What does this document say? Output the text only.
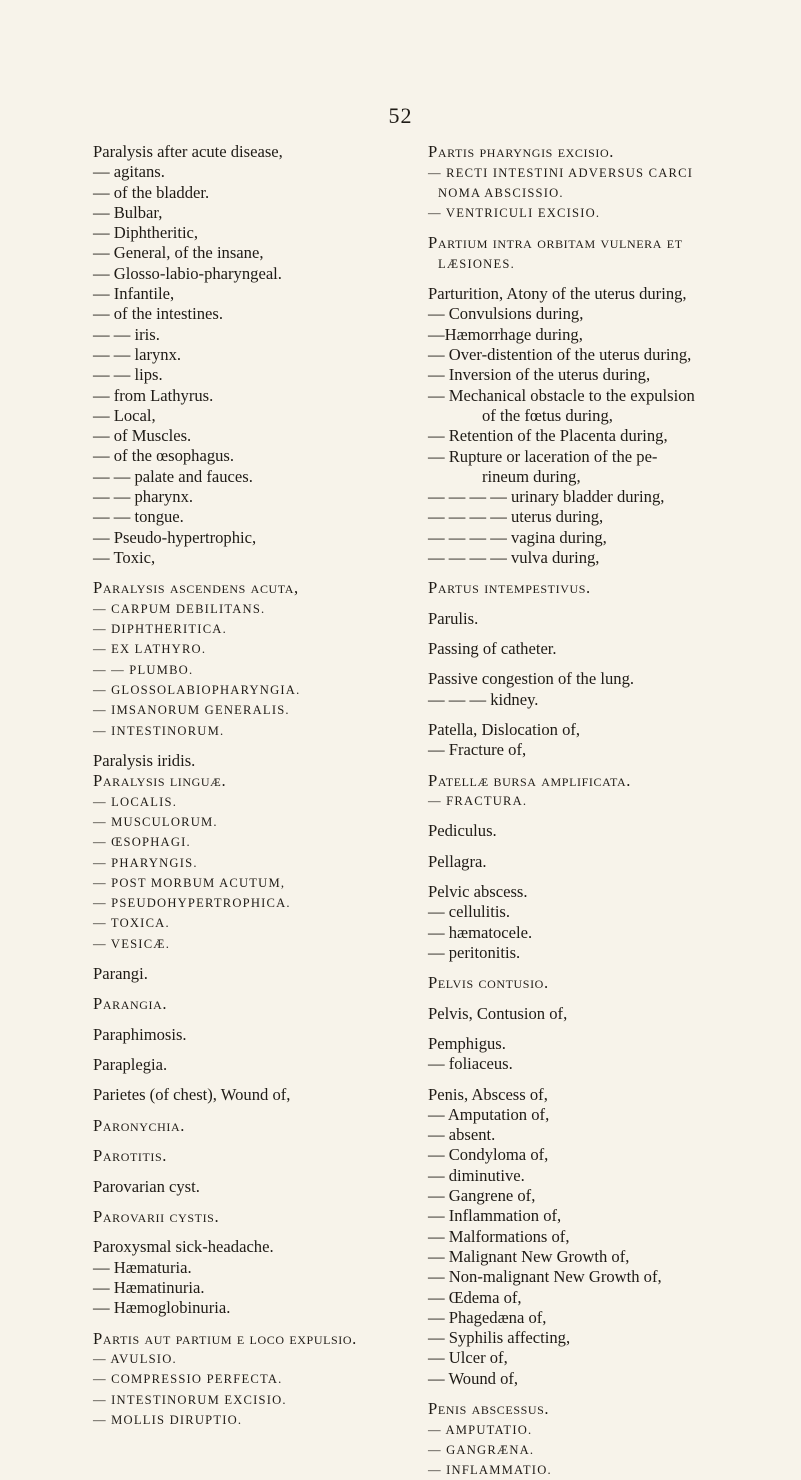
52
Paralysis after acute disease,
— agitans.
— of the bladder.
— Bulbar,
— Diphtheritic,
— General, of the insane,
— Glosso-labio-pharyngeal.
— Infantile,
— of the intestines.
— — iris.
— — larynx.
— — lips.
— from Lathyrus.
— Local,
— of Muscles.
— of the œsophagus.
— — palate and fauces.
— — pharynx.
— — tongue.
— Pseudo-hypertrophic,
— Toxic,
Paralysis ascendens acuta,
— CARPUM DEBILITANS.
— DIPHTHERITICA.
— EX LATHYRO.
— — PLUMBO.
— GLOSSOLABIOPHARYNGIA.
— IMSANORUM GENERALIS.
— INTESTINORUM.
Paralysis iridis.
Paralysis linguæ.
— LOCALIS.
— MUSCULORUM.
— ŒSOPHAGI.
— PHARYNGIS.
— POST MORBUM ACUTUM,
— PSEUDOHYPERTROPHICA.
— TOXICA.
— VESICÆ.
Parangi.
Parangia.
Paraphimosis.
Paraplegia.
Parietes (of chest), Wound of,
Paronychia.
Parotitis.
Parovarian cyst.
Parovarii cystis.
Paroxysmal sick-headache.
— Hæmaturia.
— Hæmatinuria.
— Hæmoglobinuria.
Partis aut partium e loco expulsio.
— AVULSIO.
— COMPRESSIO PERFECTA.
— INTESTINORUM EXCISIO.
— MOLLIS DIRUPTIO.
Partis pharyngis excisio.
— RECTI INTESTINI ADVERSUS CARCI
NOMA ABSCISSIO.
— VENTRICULI EXCISIO.
Partium intra orbitam vulnera et
LÆSIONES.
Parturition, Atony of the uterus during,
— Convulsions during,
—Hæmorrhage during,
— Over-distention of the uterus during,
— Inversion of the uterus during,
— Mechanical obstacle to the expulsion
of the fœtus during,
— Retention of the Placenta during,
— Rupture or laceration of the pe-
rineum during,
— — — — urinary bladder during,
— — — — uterus during,
— — — — vagina during,
— — — — vulva during,
Partus intempestivus.
Parulis.
Passing of catheter.
Passive congestion of the lung.
— — — kidney.
Patella, Dislocation of,
— Fracture of,
Patellæ bursa amplificata.
— FRACTURA.
Pediculus.
Pellagra.
Pelvic abscess.
— cellulitis.
— hæmatocele.
— peritonitis.
Pelvis contusio.
Pelvis, Contusion of,
Pemphigus.
— foliaceus.
Penis, Abscess of,
— Amputation of,
— absent.
— Condyloma of,
— diminutive.
— Gangrene of,
— Inflammation of,
— Malformations of,
— Malignant New Growth of,
— Non-malignant New Growth of,
— Œdema of,
— Phagedæna of,
— Syphilis affecting,
— Ulcer of,
— Wound of,
Penis abscessus.
— AMPUTATIO.
— GANGRÆNA.
— INFLAMMATIO.
